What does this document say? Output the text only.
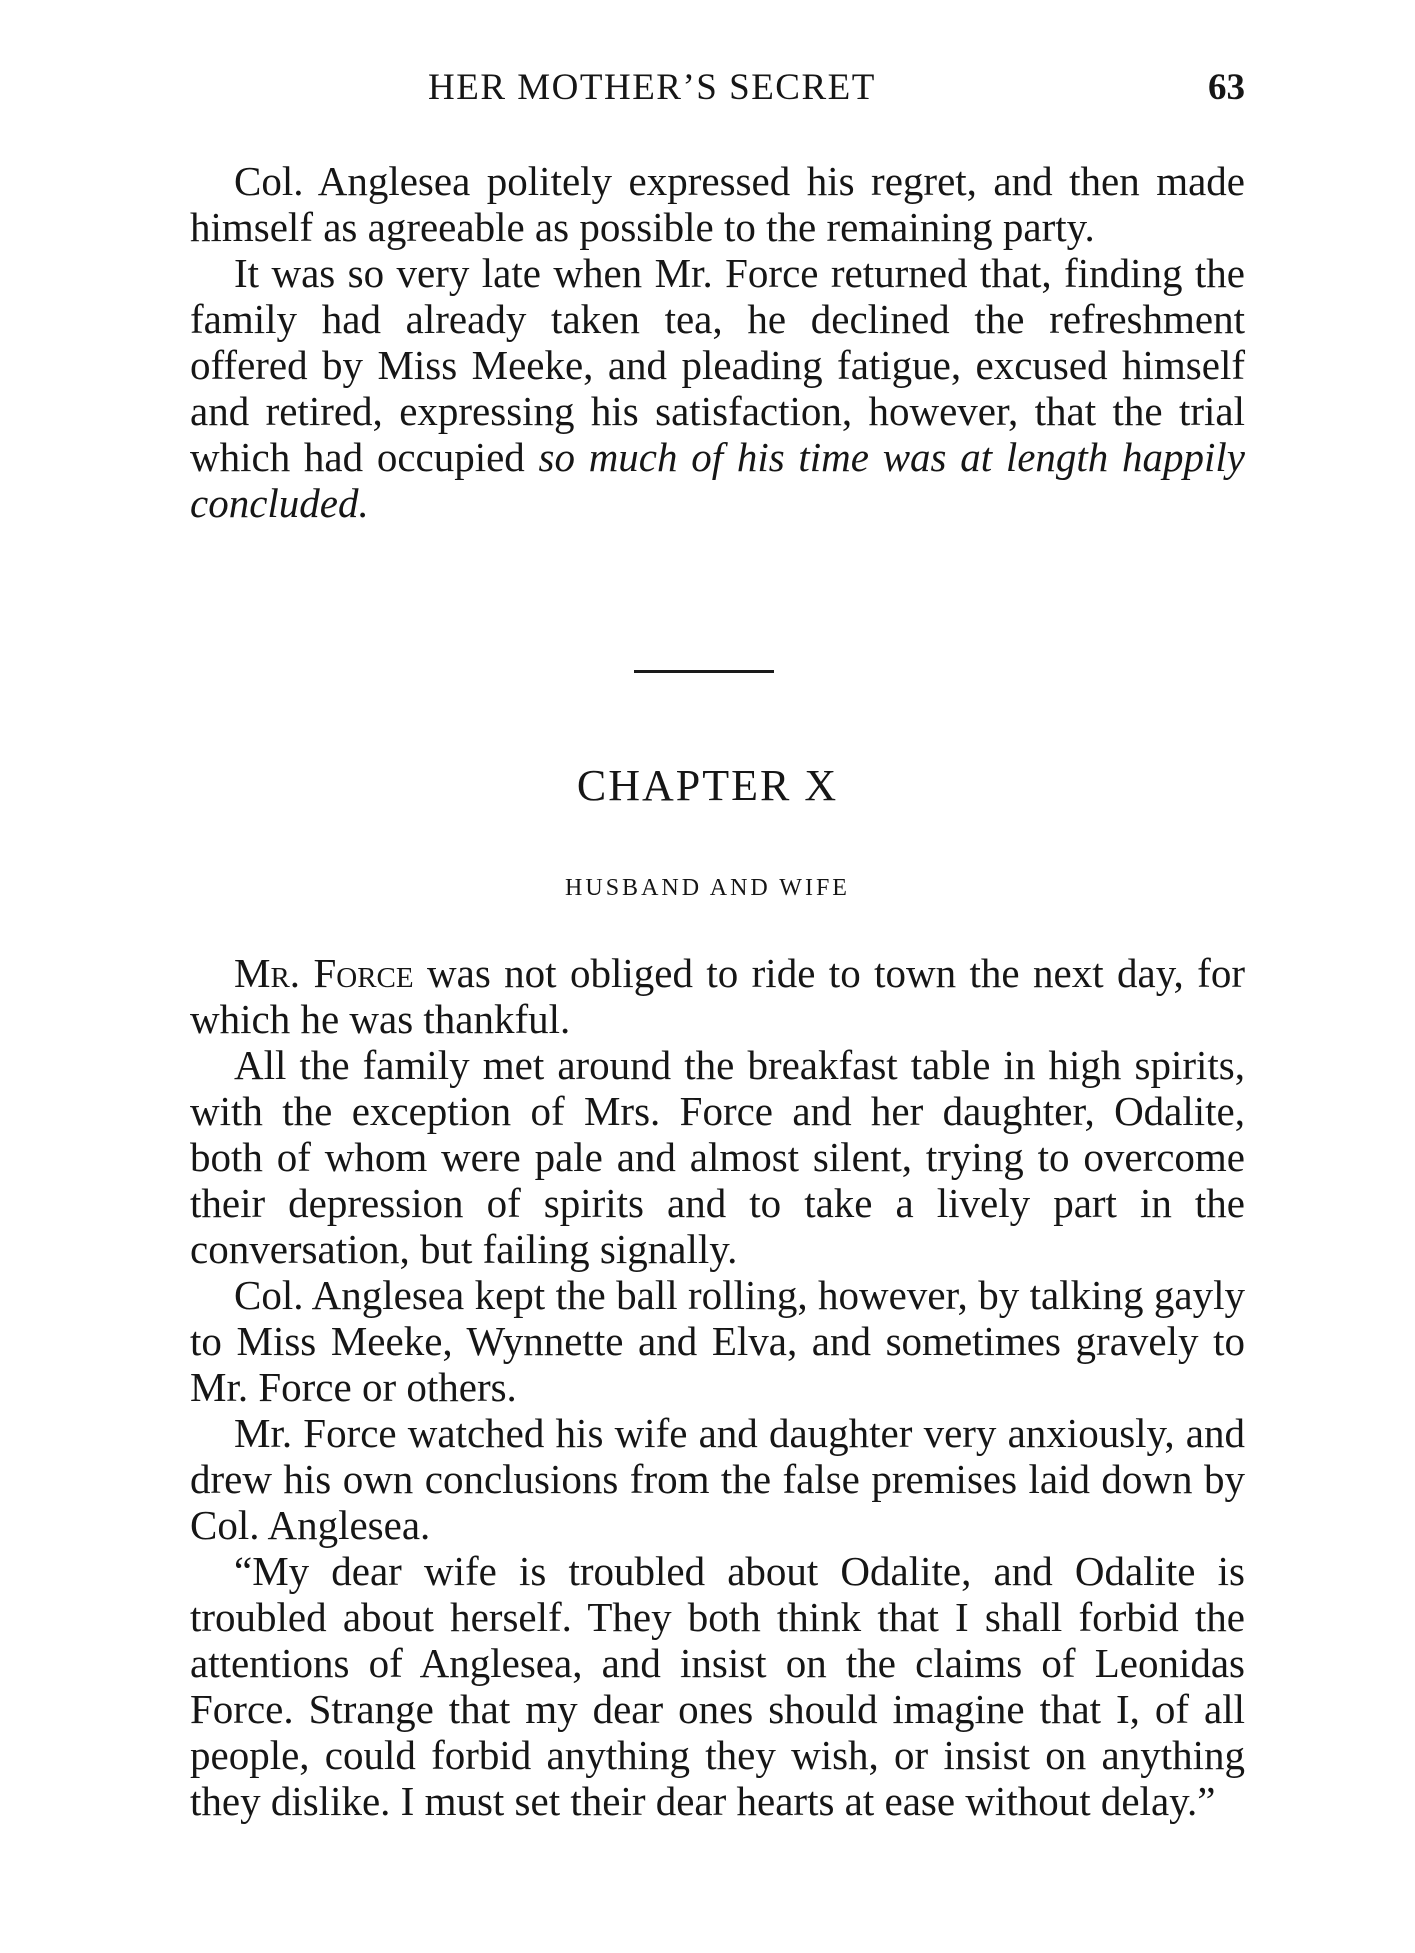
HER MOTHER’S SECRET	63

Col. Anglesea politely expressed his regret, and then made himself as agreeable as possible to the remaining party.

It was so very late when Mr. Force returned that, finding the family had already taken tea, he declined the refreshment offered by Miss Meeke, and pleading fatigue, excused himself and retired, expressing his satisfaction, however, that the trial which had occupied so much of his time was at length happily concluded.

CHAPTER X
HUSBAND AND WIFE

Mr. Force was not obliged to ride to town the next day, for which he was thankful.

All the family met around the breakfast table in high spirits, with the exception of Mrs. Force and her daughter, Odalite, both of whom were pale and almost silent, trying to overcome their depression of spirits and to take a lively part in the conversation, but failing signally.

Col. Anglesea kept the ball rolling, however, by talking gayly to Miss Meeke, Wynnette and Elva, and sometimes gravely to Mr. Force or others.

Mr. Force watched his wife and daughter very anxiously, and drew his own conclusions from the false premises laid down by Col. Anglesea.

“My dear wife is troubled about Odalite, and Odalite is troubled about herself. They both think that I shall forbid the attentions of Anglesea, and insist on the claims of Leonidas Force. Strange that my dear ones should imagine that I, of all people, could forbid anything they wish, or insist on anything they dislike. I must set their dear hearts at ease without delay.”
